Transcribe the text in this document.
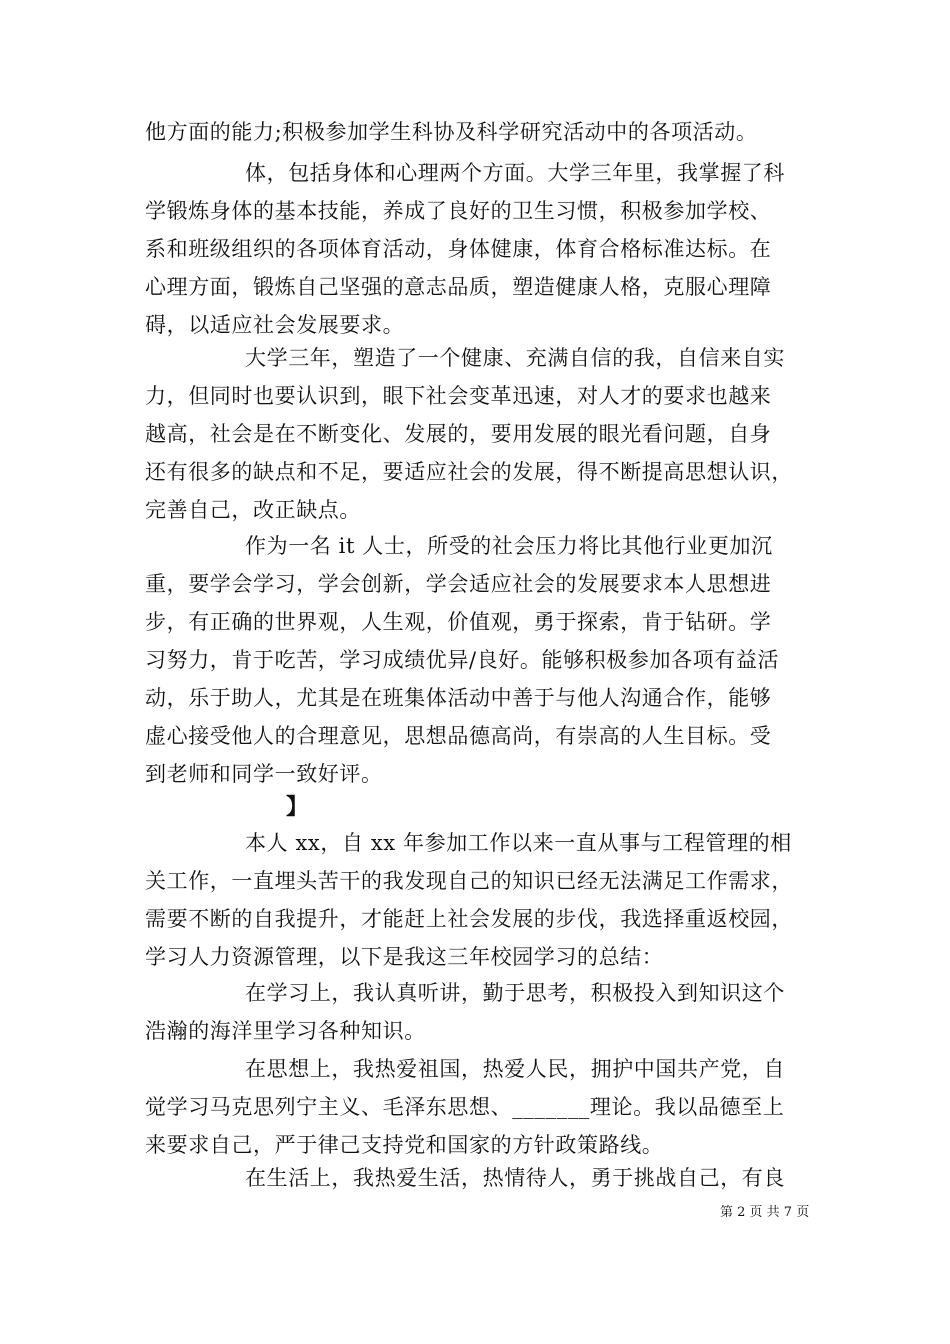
他方面的能力;积极参加学生科协及科学研究活动中的各项活动。
体，包括身体和心理两个方面。大学三年里，我掌握了科
学锻炼身体的基本技能，养成了良好的卫生习惯，积极参加学校、
系和班级组织的各项体育活动，身体健康，体育合格标准达标。在
心理方面，锻炼自己坚强的意志品质，塑造健康人格，克服心理障
碍，以适应社会发展要求。
大学三年，塑造了一个健康、充满自信的我，自信来自实
力，但同时也要认识到，眼下社会变革迅速，对人才的要求也越来
越高，社会是在不断变化、发展的，要用发展的眼光看问题，自身
还有很多的缺点和不足，要适应社会的发展，得不断提高思想认识，
完善自己，改正缺点。
作为一名 it 人士，所受的社会压力将比其他行业更加沉
重，要学会学习，学会创新，学会适应社会的发展要求本人思想进
步，有正确的世界观，人生观，价值观，勇于探索，肯于钻研。学
习努力，肯于吃苦，学习成绩优异/良好。能够积极参加各项有益活
动，乐于助人，尤其是在班集体活动中善于与他人沟通合作，能够
虚心接受他人的合理意见，思想品德高尚，有崇高的人生目标。受
到老师和同学一致好评。
】
本人 xx，自 xx 年参加工作以来一直从事与工程管理的相
关工作，一直埋头苦干的我发现自己的知识已经无法满足工作需求，
需要不断的自我提升，才能赶上社会发展的步伐，我选择重返校园，
学习人力资源管理，以下是我这三年校园学习的总结：
在学习上，我认真听讲，勤于思考，积极投入到知识这个
浩瀚的海洋里学习各种知识。
在思想上，我热爱祖国，热爱人民，拥护中国共产党，自
觉学习马克思列宁主义、毛泽东思想、_______理论。我以品德至上
来要求自己，严于律己支持党和国家的方针政策路线。
在生活上，我热爱生活，热情待人，勇于挑战自己，有良
第 2 页 共 7 页
